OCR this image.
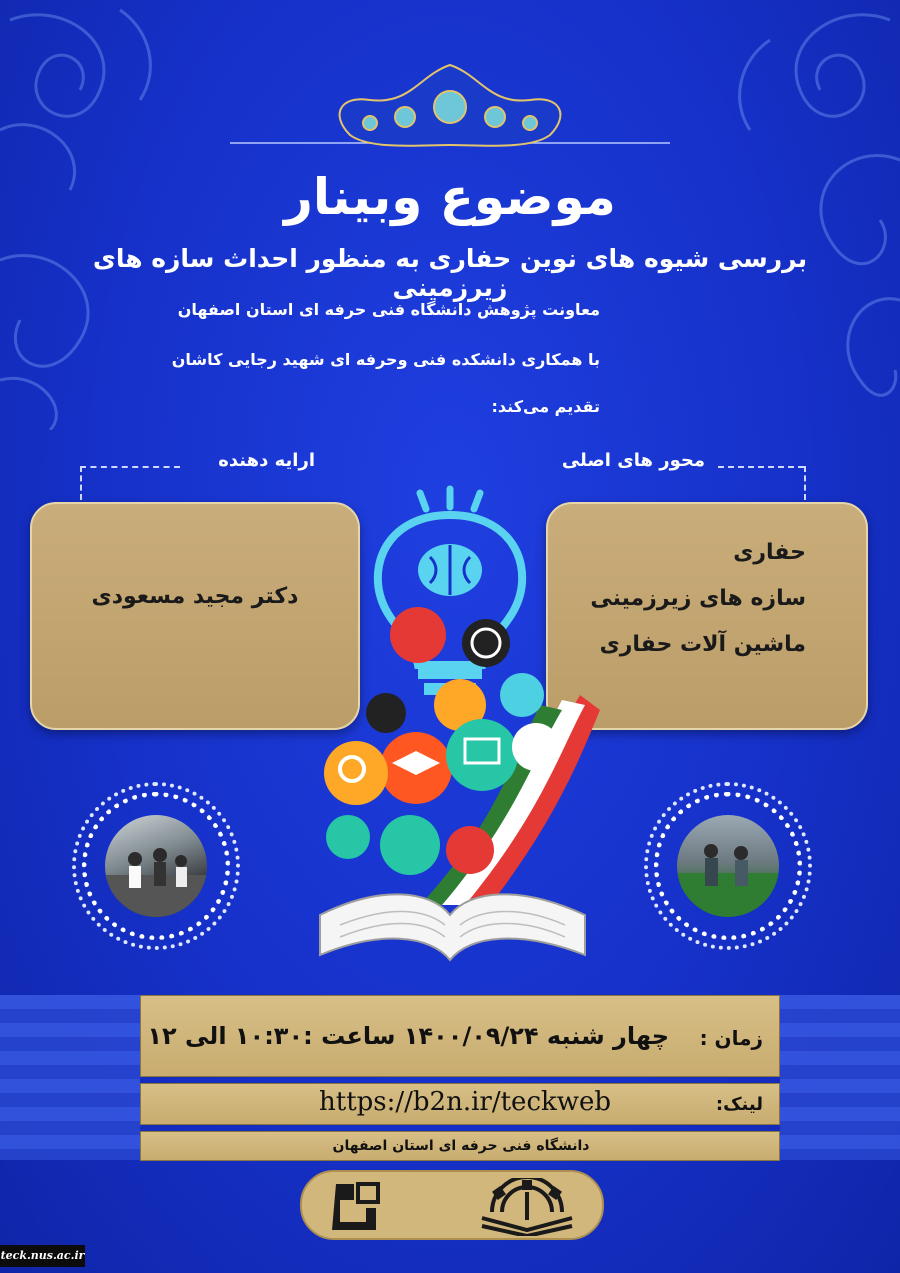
موضوع وبینار
بررسی شیوه های نوین حفاری به منظور احداث سازه های زیرزمینی
معاونت پژوهش دانشگاه فنی حرفه ای استان اصفهان
با همکاری دانشکده فنی وحرفه ای شهید رجایی کاشان
تقدیم می‌کند:
ارایه دهنده	محور های اصلی
دکتر مجید مسعودی
حفاری
سازه های زیرزمینی
ماشین آلات حفاری
زمان :
چهار شنبه ۱۴۰۰/۰۹/۲۴ ساعت :۱۰:۳۰ الی ۱۲
لینک:
https://b2n.ir/teckweb
دانشگاه فنی حرفه ای استان اصفهان
teck.nus.ac.ir
